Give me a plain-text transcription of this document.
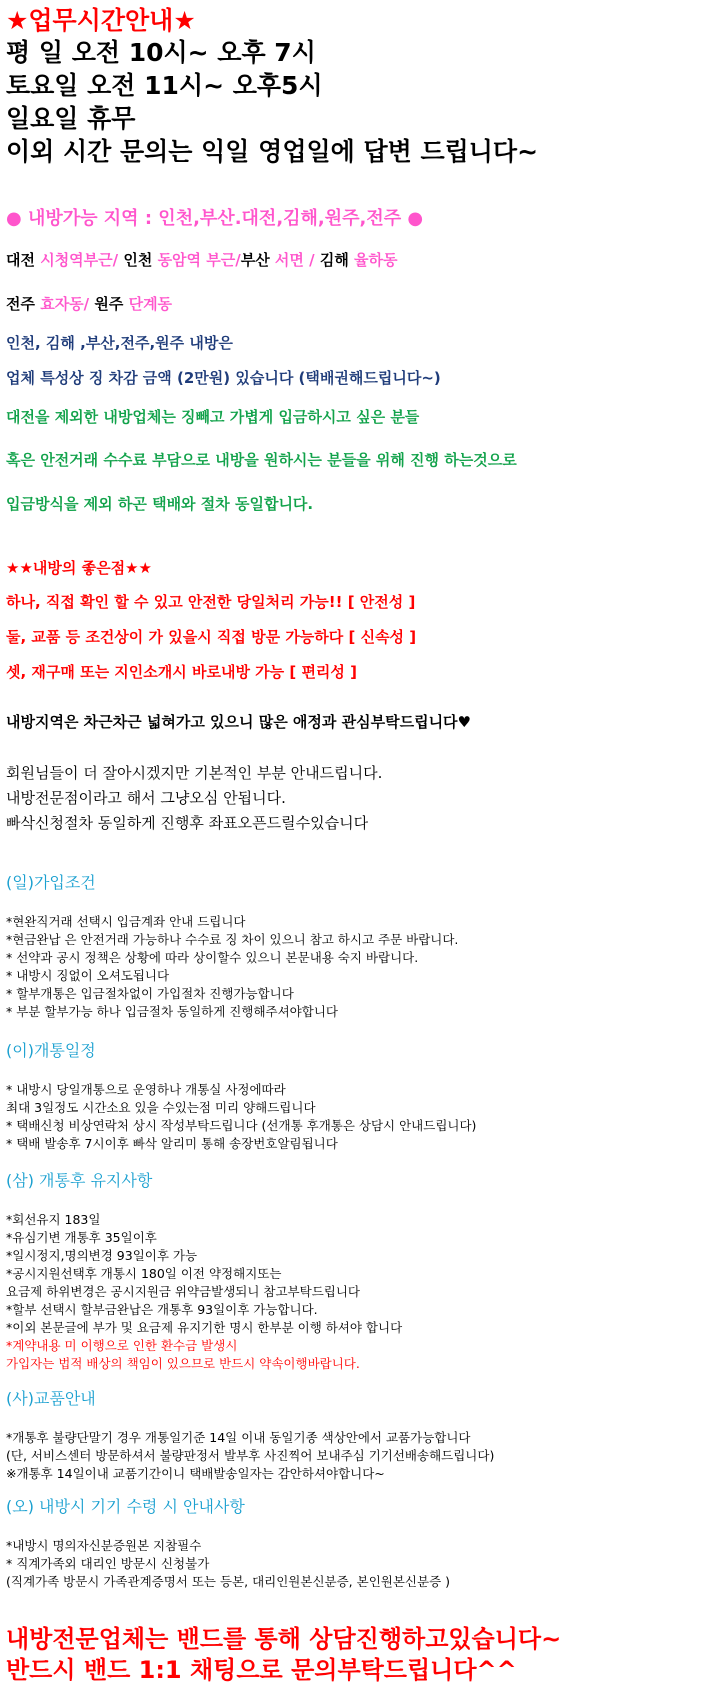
★업무시간안내★
평 일 오전 10시~ 오후 7시
토요일 오전 11시~ 오후5시
일요일 휴무
이외 시간 문의는 익일 영업일에 답변 드립니다~
● 내방가능 지역 : 인천,부산.대전,김해,원주,전주 ●
대전 시청역부근/ 인천 동암역 부근/부산 서면 / 김해 율하동
전주 효자동/ 원주 단계동
인천, 김해 ,부산,전주,원주 내방은
업체 특성상 징 차감 금액 (2만원) 있습니다 (택배권해드립니다~)
대전을 제외한 내방업체는 징빼고 가볍게 입금하시고 싶은 분들
혹은 안전거래 수수료 부담으로 내방을 원하시는 분들을 위해 진행 하는것으로
입금방식을 제외 하곤 택배와 절차 동일합니다.
★★내방의 좋은점★★
하나, 직접 확인 할 수 있고 안전한 당일처리 가능!! [ 안전성 ]
둘, 교품 등 조건상이 가 있을시 직접 방문 가능하다 [ 신속성 ]
셋, 재구매 또는 지인소개시 바로내방 가능 [ 편리성 ]
내방지역은 차근차근 넓혀가고 있으니 많은 애정과 관심부탁드립니다♥
회원님들이 더 잘아시겠지만 기본적인 부분 안내드립니다.
내방전문점이라고 해서 그냥오심 안됩니다.
빠삭신청절차 동일하게 진행후 좌표오픈드릴수있습니다
(일)가입조건
*현완직거래 선택시 입금계좌 안내 드립니다
*현금완납 은 안전거래 가능하나 수수료 징 차이 있으니 참고 하시고 주문 바랍니다.
* 선약과 공시 정책은 상황에 따라 상이할수 있으니 본문내용 숙지 바랍니다.
* 내방시 징없이 오셔도됩니다
* 할부개통은 입금절차없이 가입절차 진행가능합니다
* 부분 할부가능 하나 입금절차 동일하게 진행해주셔야합니다
(이)개통일정
* 내방시 당일개통으로 운영하나 개통실 사정에따라
최대 3일정도 시간소요 있을 수있는점 미리 양해드립니다
* 택배신청 비상연락처 상시 작성부탁드립니다 (선개통 후개통은 상담시 안내드립니다)
* 택배 발송후 7시이후 빠삭 알리미 통해 송장번호알림됩니다
(삼) 개통후 유지사항
*회선유지 183일
*유심기변 개통후 35일이후
*일시정지,명의변경 93일이후 가능
*공시지원선택후 개통시 180일 이전 약정해지또는
요금제 하위변경은 공시지원금 위약금발생되니 참고부탁드립니다
*할부 선택시 할부금완납은 개통후 93일이후 가능합니다.
*이외 본문글에 부가 및 요금제 유지기한 명시 한부분 이행 하셔야 합니다
*계약내용 미 이행으로 인한 환수금 발생시
가입자는 법적 배상의 책임이 있으므로 반드시 약속이행바랍니다.
(사)교품안내
*개통후 불량단말기 경우 개통일기준 14일 이내 동일기종 색상안에서 교품가능합니다
(단, 서비스센터 방문하셔서 불량판정서 발부후 사진찍어 보내주심 기기선배송해드립니다)
※개통후 14일이내 교품기간이니 택배발송일자는 감안하셔야합니다~
(오) 내방시 기기 수령 시 안내사항
*내방시 명의자신분증원본 지참필수
* 직계가족외 대리인 방문시 신청불가
(직계가족 방문시 가족관계증명서 또는 등본, 대리인원본신분증, 본인원본신분증 )
내방전문업체는 밴드를 통해 상담진행하고있습니다~
반드시 밴드 1:1 채팅으로 문의부탁드립니다^^
